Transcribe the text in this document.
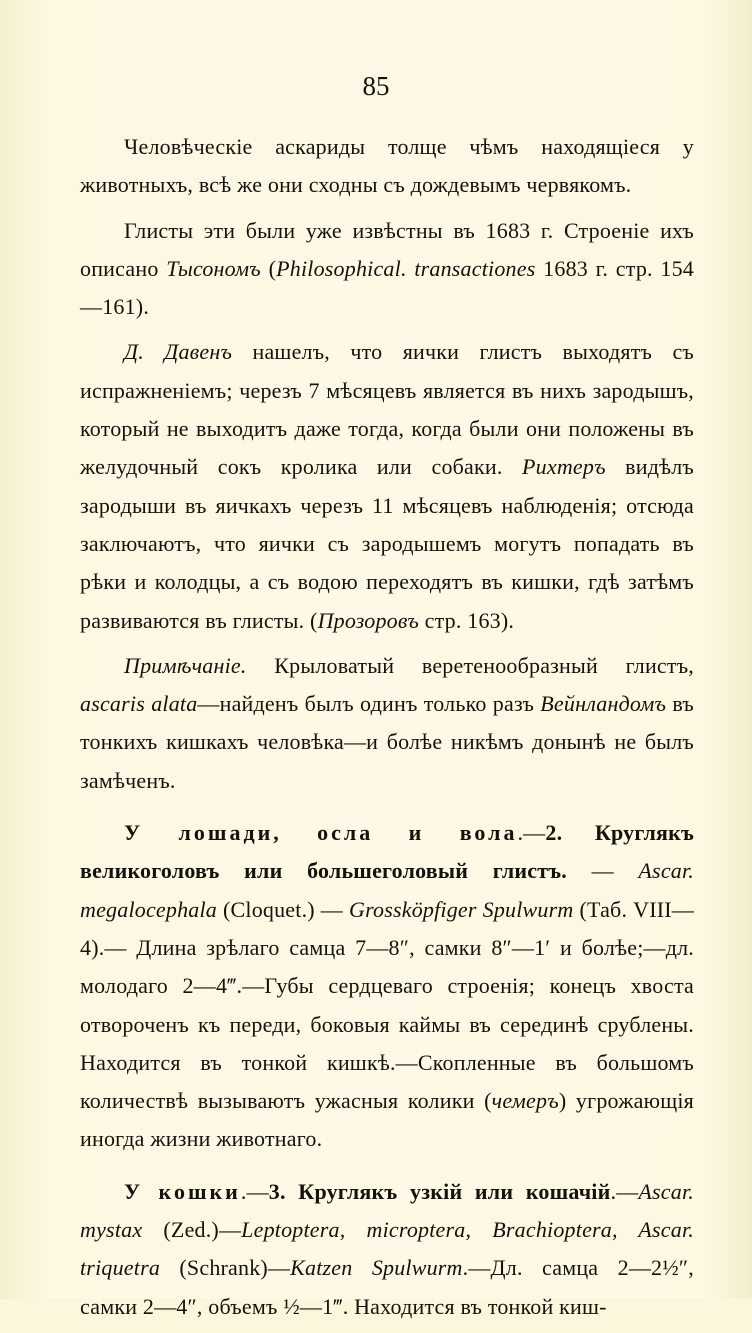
85

Человѣческіе аскариды толще чѣмъ находящіеся у животныхъ, всѣ же они сходны съ дождевымъ червякомъ.

Глисты эти были уже извѣстны въ 1683 г. Строеніе ихъ описано Тысономъ (Philosophical. transactiones 1683 г. стр. 154—161).

Д. Давенъ нашелъ, что яички глистъ выходятъ съ испражненіемъ; черезъ 7 мѣсяцевъ является въ нихъ зародышъ, который не выходитъ даже тогда, когда были они положены въ желудочный сокъ кролика или собаки. Рихтеръ видѣлъ зародыши въ яичкахъ черезъ 11 мѣсяцевъ наблюденія; отсюда заключаютъ, что яички съ зародышемъ могутъ попадать въ рѣки и колодцы, а съ водою переходятъ въ кишки, гдѣ затѣмъ развиваются въ глисты. (Прозоровъ стр. 163).

Примѣчаніе. Крыловатый веретенообразный глистъ, ascaris alata—найденъ былъ одинъ только разъ Вейнландомъ въ тонкихъ кишкахъ человѣка—и болѣе никѣмъ донынѣ не былъ замѣченъ.

У лошади, осла и вола.—2. Круглякъ великоголовъ или большеголовый глистъ. — Ascar. megalocephala (Cloquet.) — Grosskӧpfiger Spulwurm (Таб. VIII—4).— Длина зрѣлаго самца 7—8″, самки 8″—1′ и болѣе;—дл. молодаго 2—4‴.—Губы сердцеваго строенія; конецъ хвоста отвороченъ къ переди, боковыя каймы въ серединѣ срублены. Находится въ тонкой кишкѣ.—Скопленные въ большомъ количествѣ вызываютъ ужасныя колики (чемеръ) угрожающія иногда жизни животнаго.

У кошки.—3. Круглякъ узкій или кошачій.—Ascar. mystax (Zed.)—Leptoptera, microptera, Brachioptera, Ascar. triquetra (Schrank)—Katzen Spulwurm.—Дл. самца 2—2½″, самки 2—4″, объемъ ½—1‴. Находится въ тонкой киш-
